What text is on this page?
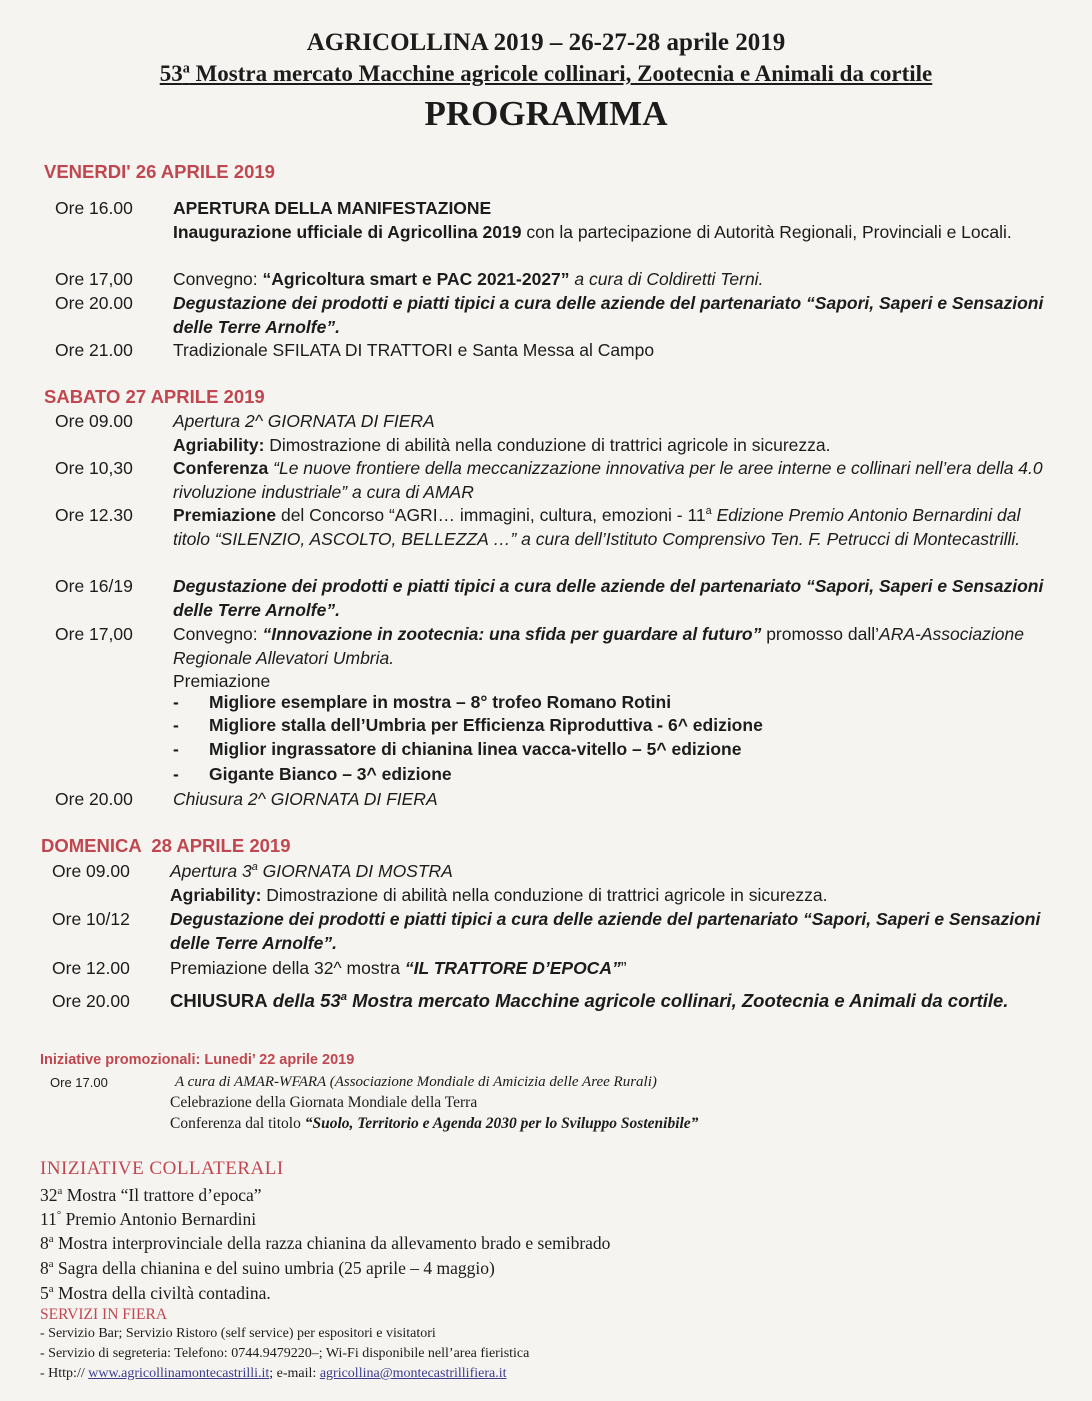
AGRICOLLINA 2019 – 26-27-28 aprile 2019
53$^a$ Mostra mercato Macchine agricole collinari, Zootecnia e Animali da cortile
PROGRAMMA
VENERDI' 26 APRILE 2019
Ore 16.00	APERTURA DELLA MANIFESTAZIONE
Inaugurazione ufficiale di Agricollina 2019 con la partecipazione di Autorità Regionali, Provinciali e Locali.
Ore 17,00	Convegno: “Agricoltura smart e PAC 2021-2027” a cura di Coldiretti Terni.
Ore 20.00	Degustazione dei prodotti e piatti tipici a cura delle aziende del partenariato “Sapori, Saperi e Sensazioni delle Terre Arnolfe”.
Ore 21.00	Tradizionale SFILATA DI TRATTORI e Santa Messa al Campo
SABATO 27 APRILE 2019
Ore 09.00	Apertura 2^ GIORNATA DI FIERA
Agriability: Dimostrazione di abilità nella conduzione di trattrici agricole in sicurezza.
Ore 10,30	Conferenza “Le nuove frontiere della meccanizzazione innovativa per le aree interne e collinari nell’era della 4.0 rivoluzione industriale” a cura di AMAR
Ore 12.30	Premiazione del Concorso “AGRI… immagini, cultura, emozioni - 11$^a$ Edizione Premio Antonio Bernardini dal titolo “SILENZIO, ASCOLTO, BELLEZZA …” a cura dell’Istituto Comprensivo Ten. F. Petrucci di Montecastrilli.
Ore 16/19	Degustazione dei prodotti e piatti tipici a cura delle aziende del partenariato “Sapori, Saperi e Sensazioni delle Terre Arnolfe”.
Ore 17,00	Convegno: “Innovazione in zootecnia: una sfida per guardare al futuro” promosso dall’ARA-Associazione Regionale Allevatori Umbria.
Premiazione
- Migliore esemplare in mostra – 8° trofeo Romano Rotini
- Migliore stalla dell’Umbria per Efficienza Riproduttiva - 6^ edizione
- Miglior ingrassatore di chianina linea vacca-vitello – 5^ edizione
- Gigante Bianco – 3^ edizione
Ore 20.00	Chiusura 2^ GIORNATA DI FIERA
DOMENICA  28 APRILE 2019
Ore 09.00	Apertura 3$^a$ GIORNATA DI MOSTRA
Agriability: Dimostrazione di abilità nella conduzione di trattrici agricole in sicurezza.
Ore 10/12	Degustazione dei prodotti e piatti tipici a cura delle aziende del partenariato “Sapori, Saperi e Sensazioni delle Terre Arnolfe”.
Ore 12.00	Premiazione della 32^ mostra “IL TRATTORE D’EPOCA””
Ore 20.00	CHIUSURA della 53$^a$ Mostra mercato Macchine agricole collinari, Zootecnia e Animali da cortile.
Iniziative promozionali: Lunedi’ 22 aprile 2019
Ore 17.00	A cura di AMAR-WFARA (Associazione Mondiale di Amicizia delle Aree Rurali)
Celebrazione della Giornata Mondiale della Terra
Conferenza dal titolo “Suolo, Territorio e Agenda 2030 per lo Sviluppo Sostenibile”
INIZIATIVE COLLATERALI
32$^a$ Mostra “Il trattore d’epoca”
11° Premio Antonio Bernardini
8$^a$ Mostra interprovinciale della razza chianina da allevamento brado e semibrado
8$^a$ Sagra della chianina e del suino umbria (25 aprile – 4 maggio)
5$^a$ Mostra della civiltà contadina.
SERVIZI IN FIERA
- Servizio Bar; Servizio Ristoro (self service) per espositori e visitatori
- Servizio di segreteria: Telefono: 0744.9479220–; Wi-Fi disponibile nell’area fieristica
- Http:// www.agricollinamontecastrilli.it; e-mail: agricollina@montecastrillifiera.it
